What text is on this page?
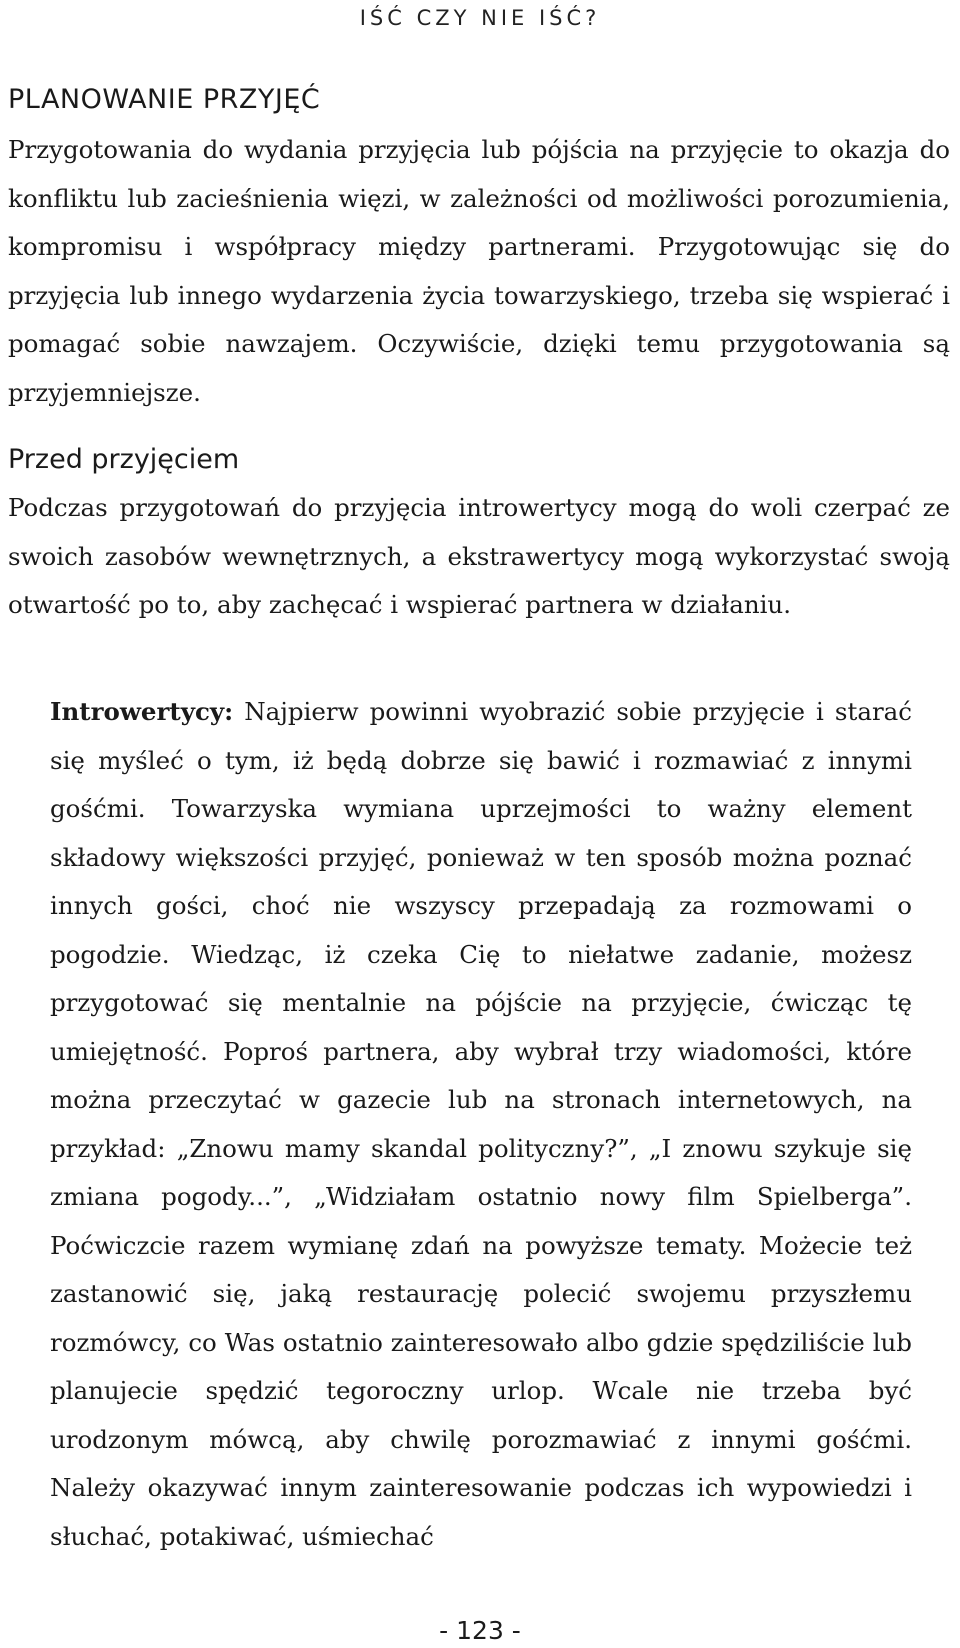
IŚĆ CZY NIE IŚĆ?
PLANOWANIE PRZYJĘĆ

Przygotowania do wydania przyjęcia lub pójścia na przyjęcie to okazja do konfliktu lub zacieśnienia więzi, w zależności od możliwości porozumienia, kompromisu i współpracy między partnerami. Przygotowując się do przyjęcia lub innego wydarzenia życia towarzyskiego, trzeba się wspierać i pomagać sobie nawzajem. Oczywiście, dzięki temu przygotowania są przyjemniejsze.

Przed przyjęciem

Podczas przygotowań do przyjęcia introwertycy mogą do woli czerpać ze swoich zasobów wewnętrznych, a ekstrawertycy mogą wykorzystać swoją otwartość po to, aby zachęcać i wspierać partnera w działaniu.

Introwertycy: Najpierw powinni wyobrazić sobie przyjęcie i starać się myśleć o tym, iż będą dobrze się bawić i rozmawiać z innymi gośćmi. Towarzyska wymiana uprzejmości to ważny element składowy większości przyjęć, ponieważ w ten sposób można poznać innych gości, choć nie wszyscy przepadają za rozmowami o pogodzie. Wiedząc, iż czeka Cię to niełatwe zadanie, możesz przygotować się mentalnie na pójście na przyjęcie, ćwicząc tę umiejętność. Poproś partnera, aby wybrał trzy wiadomości, które można przeczytać w gazecie lub na stronach internetowych, na przykład: „Znowu mamy skandal polityczny?”, „I znowu szykuje się zmiana pogody...”, „Widziałam ostatnio nowy film Spielberga”. Poćwiczcie razem wymianę zdań na powyższe tematy. Możecie też zastanowić się, jaką restaurację polecić swojemu przyszłemu rozmówcy, co Was ostatnio zainteresowało albo gdzie spędziliście lub planujecie spędzić tegoroczny urlop. Wcale nie trzeba być urodzonym mówcą, aby chwilę porozmawiać z innymi gośćmi. Należy okazywać innym zainteresowanie podczas ich wypowiedzi i słuchać, potakiwać, uśmiechać

- 123 -
